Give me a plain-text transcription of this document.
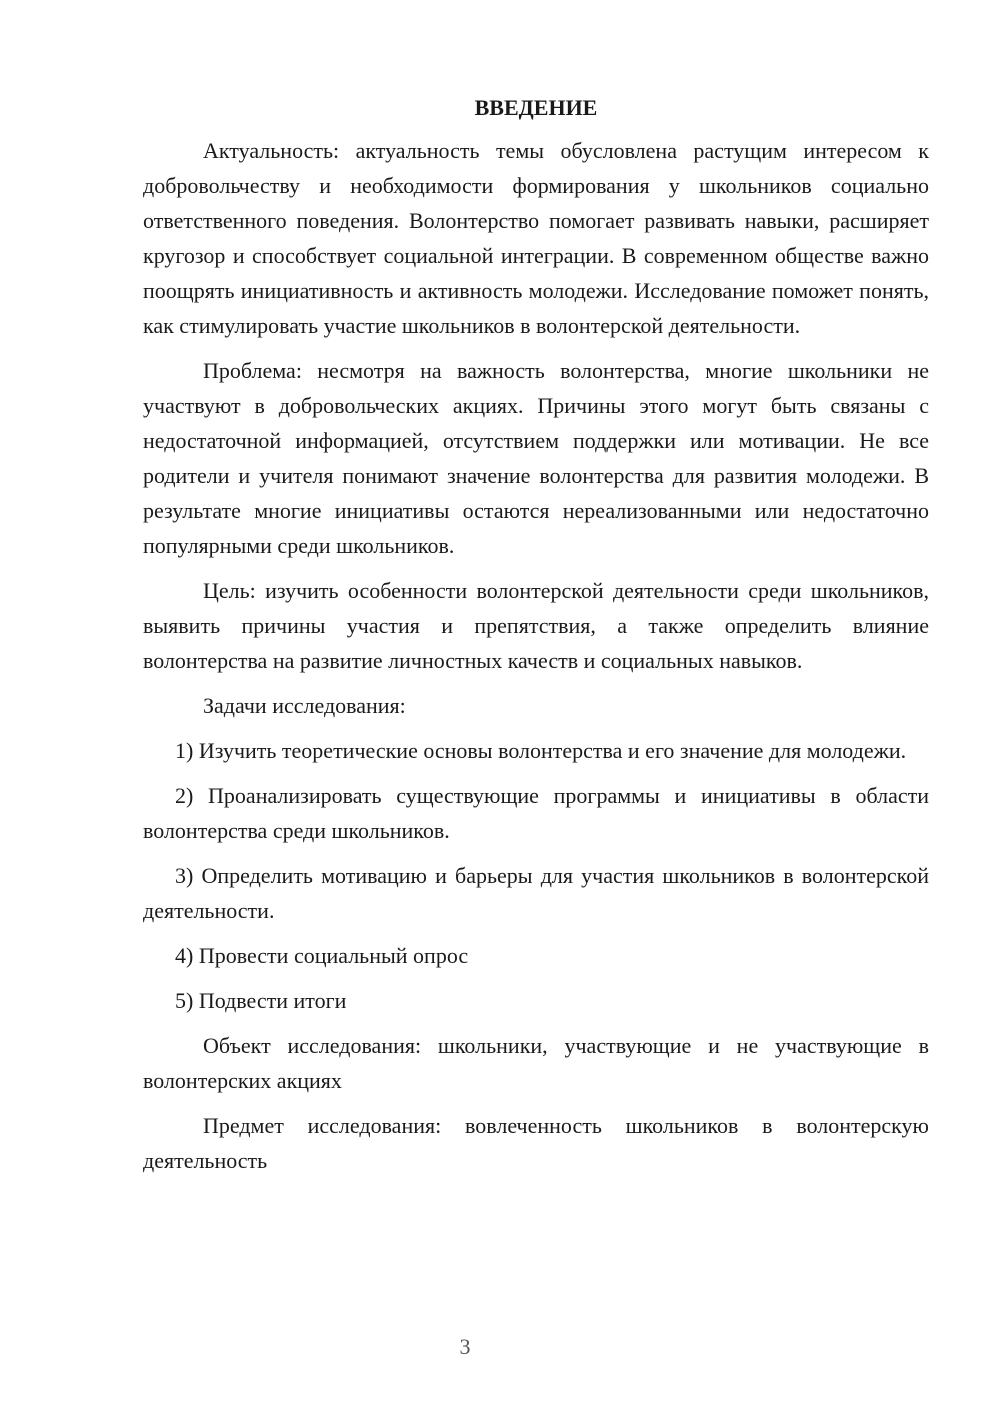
ВВЕДЕНИЕ

Актуальность: актуальность темы обусловлена растущим интересом к добровольчеству и необходимости формирования у школьников социально ответственного поведения. Волонтерство помогает развивать навыки, расширяет кругозор и способствует социальной интеграции. В современном обществе важно поощрять инициативность и активность молодежи. Исследование поможет понять, как стимулировать участие школьников в волонтерской деятельности.

Проблема: несмотря на важность волонтерства, многие школьники не участвуют в добровольческих акциях. Причины этого могут быть связаны с недостаточной информацией, отсутствием поддержки или мотивации. Не все родители и учителя понимают значение волонтерства для развития молодежи. В результате многие инициативы остаются нереализованными или недостаточно популярными среди школьников.

Цель: изучить особенности волонтерской деятельности среди школьников, выявить причины участия и препятствия, а также определить влияние волонтерства на развитие личностных качеств и социальных навыков.

Задачи исследования:

1) Изучить теоретические основы волонтерства и его значение для молодежи.

2) Проанализировать существующие программы и инициативы в области волонтерства среди школьников.

3) Определить мотивацию и барьеры для участия школьников в волонтерской деятельности.

4) Провести социальный опрос

5) Подвести итоги

Объект исследования: школьники, участвующие и не участвующие в волонтерских акциях

Предмет исследования: вовлеченность школьников в волонтерскую деятельность

3
